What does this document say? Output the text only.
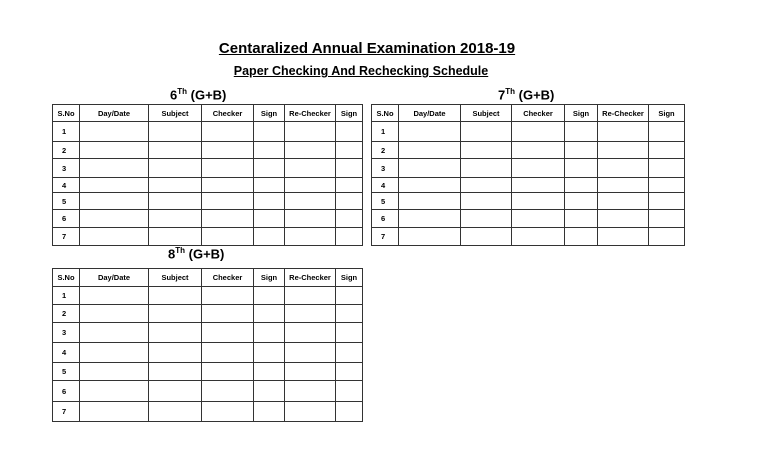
Centaralized Annual Examination 2018-19
Paper Checking And Rechecking Schedule
6Th (G+B)
S.No	Day/Date	Subject	Checker	Sign	Re-Checker	Sign
1						
2						
3						
4						
5						
6						
7						
7Th (G+B)
S.No	Day/Date	Subject	Checker	Sign	Re-Checker	Sign
1						
2						
3						
4						
5						
6						
7						
8Th (G+B)
S.No	Day/Date	Subject	Checker	Sign	Re-Checker	Sign
1						
2						
3						
4						
5						
6						
7						
